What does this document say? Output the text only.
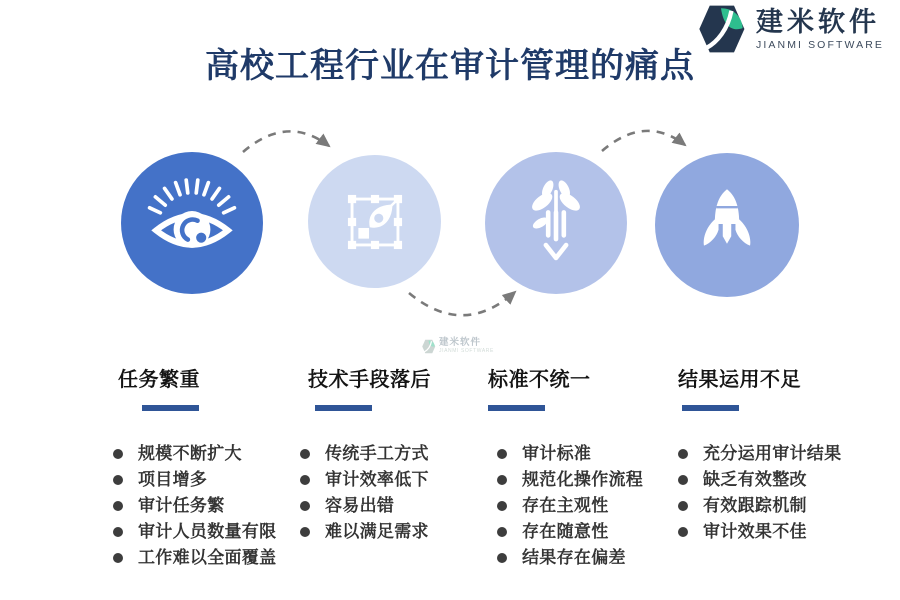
建米软件
JIANMI SOFTWARE
高校工程行业在审计管理的痛点
建米软件
JIANMI SOFTWARE
任务繁重
规模不断扩大
项目增多
审计任务繁
审计人员数量有限
工作难以全面覆盖
技术手段落后
传统手工方式
审计效率低下
容易出错
难以满足需求
标准不统一
审计标准
规范化操作流程
存在主观性
存在随意性
结果存在偏差
结果运用不足
充分运用审计结果
缺乏有效整改
有效跟踪机制
审计效果不佳
